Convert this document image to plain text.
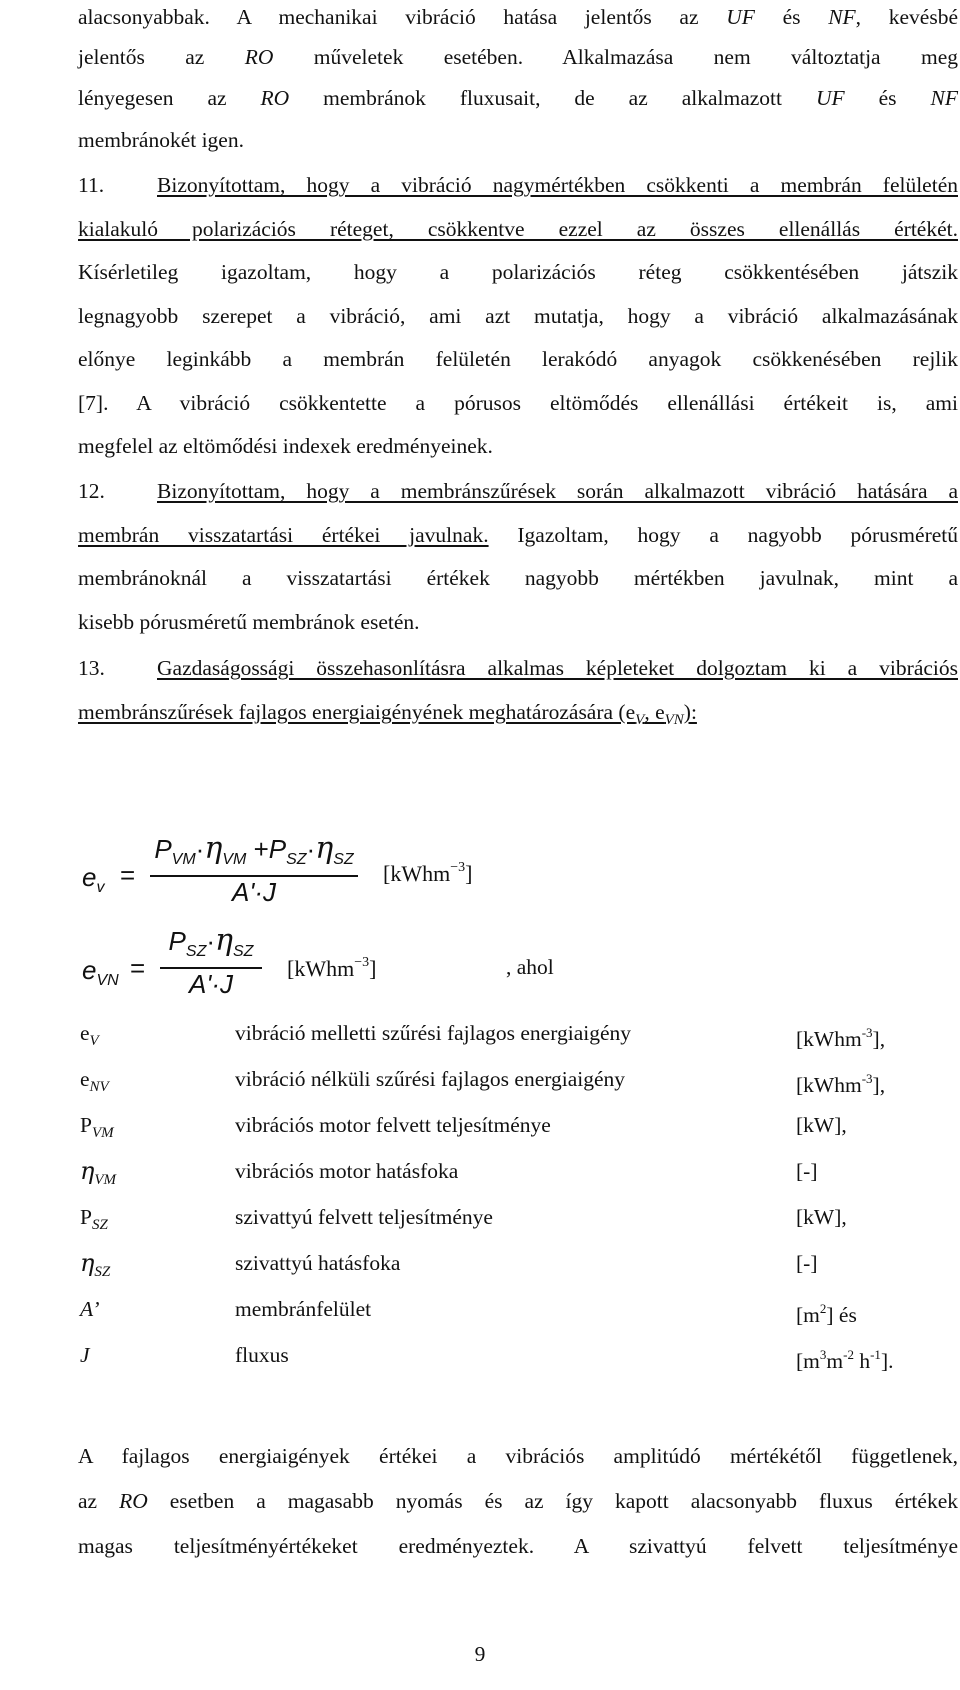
alacsonyabbak. A mechanikai vibráció hatása jelentős az UF és NF, kevésbé
jelentős az RO műveletek esetében. Alkalmazása nem változtatja meg
lényegesen az RO membránok fluxusait, de az alkalmazott UF és NF
membránokét igen.
11. Bizonyítottam, hogy a vibráció nagymértékben csökkenti a membrán felületén
kialakuló polarizációs réteget, csökkentve ezzel az összes ellenállás értékét.
Kísérletileg igazoltam, hogy a polarizációs réteg csökkentésében játszik
legnagyobb szerepet a vibráció, ami azt mutatja, hogy a vibráció alkalmazásának
előnye leginkább a membrán felületén lerakódó anyagok csökkenésében rejlik
[7]. A vibráció csökkentette a pórusos eltömődés ellenállási értékeit is, ami
megfelel az eltömődési indexek eredményeinek.
12. Bizonyítottam, hogy a membránszűrések során alkalmazott vibráció hatására a
membrán visszatartási értékei javulnak. Igazoltam, hogy a nagyobb pórusméretű
membránoknál a visszatartási értékek nagyobb mértékben javulnak, mint a
kisebb pórusméretű membránok esetén.
13. Gazdaságossági összehasonlításra alkalmas képleteket dolgoztam ki a vibrációs
membránszűrések fajlagos energiaigényének meghatározására ($e_V$, $e_{VN}$):
$e_v$ =
$P_{VM}\cdot\eta_{VM} +P_{SZ}\cdot\eta_{SZ}$
A'·J
[kWhm$^{-3}$]
$e_{VN}$ =
$P_{SZ}\cdot\eta_{SZ}$
A'·J [kWhm$^{-3}$]	, ahol
$e_V$	vibráció melletti szűrési fajlagos energiaigény	[kWhm$^{-3}$],
$e_{NV}$	vibráció nélküli szűrési fajlagos energiaigény	[kWhm$^{-3}$],
$P_{VM}$	vibrációs motor felvett teljesítménye	[kW],
$\eta_{VM}$	vibrációs motor hatásfoka	[-]
$P_{SZ}$	szivattyú felvett teljesítménye	[kW],
$\eta_{SZ}$	szivattyú hatásfoka	[-]
A’	membránfelület	$[m^2]$ és
J	fluxus	[$m^3m^{-2}$ $h^{-1}$].
A fajlagos energiaigények értékei a vibrációs amplitúdó mértékétől függetlenek,
az RO esetben a magasabb nyomás és az így kapott alacsonyabb fluxus értékek
magas teljesítményértékeket eredményeztek. A szivattyú felvett teljesítménye
9
